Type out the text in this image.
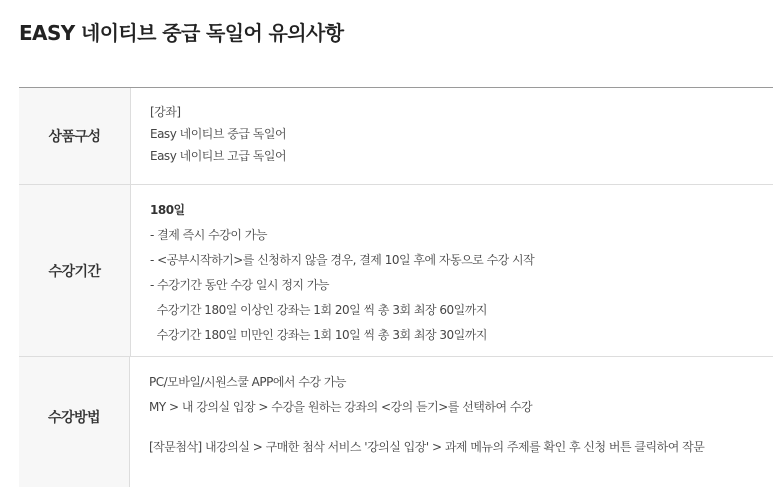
EASY 네이티브 중급 독일어 유의사항
상품구성
[강좌]
Easy 네이티브 중급 독일어
Easy 네이티브 고급 독일어
수강기간
180일
- 결제 즉시 수강이 가능
- <공부시작하기>를 신청하지 않을 경우, 결제 10일 후에 자동으로 수강 시작
- 수강기간 동안 수강 일시 정지 가능
수강기간 180일 이상인 강좌는 1회 20일 씩 총 3회 최장 60일까지
수강기간 180일 미만인 강좌는 1회 10일 씩 총 3회 최장 30일까지
수강방법
PC/모바일/시원스쿨 APP에서 수강 가능
MY > 내 강의실 입장 > 수강을 원하는 강좌의 <강의 듣기>를 선택하여 수강
[작문첨삭] 내강의실 > 구매한 첨삭 서비스 '강의실 입장' > 과제 메뉴의 주제를 확인 후 신청 버튼 클릭하여 작문
